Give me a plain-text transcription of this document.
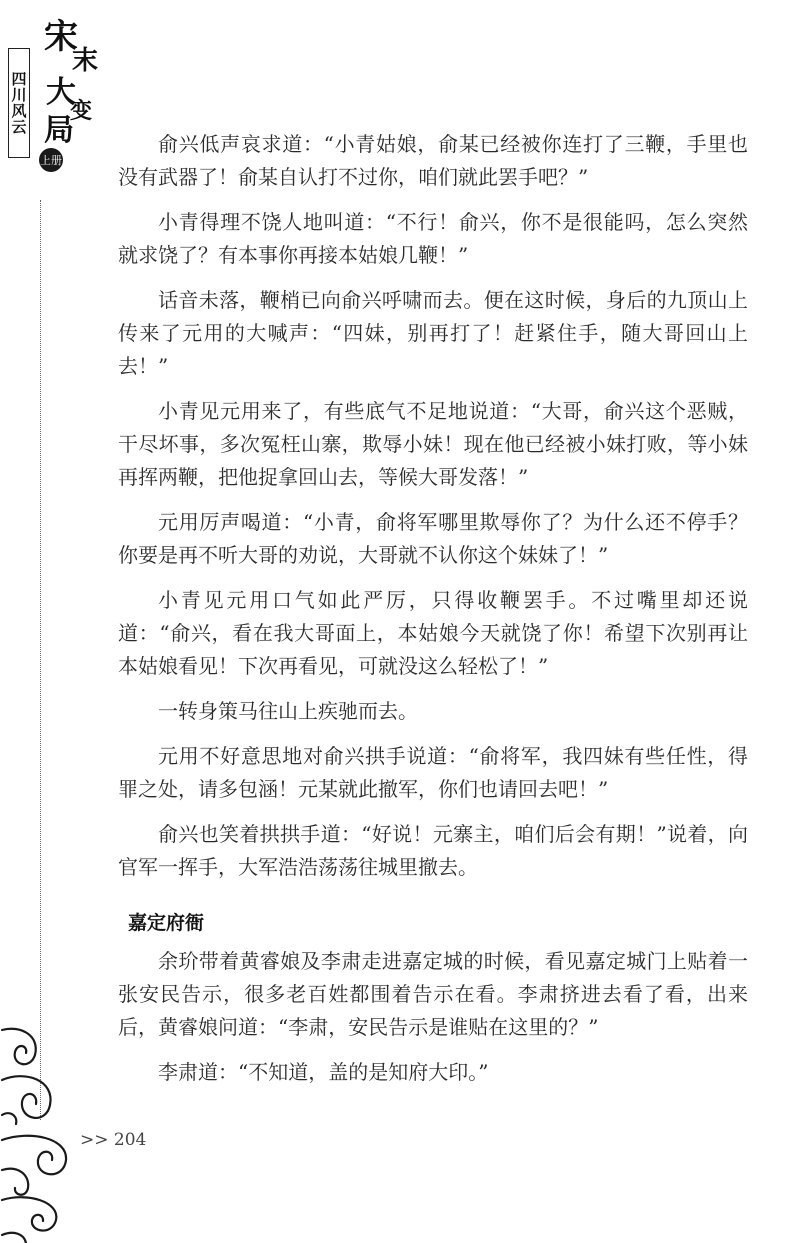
四川风云
宋
末
大
变
局
上册

俞兴低声哀求道：“小青姑娘，俞某已经被你连打了三鞭，手里也没有武器了！俞某自认打不过你，咱们就此罢手吧？”

小青得理不饶人地叫道：“不行！俞兴，你不是很能吗，怎么突然就求饶了？有本事你再接本姑娘几鞭！”

话音未落，鞭梢已向俞兴呼啸而去。便在这时候，身后的九顶山上传来了元用的大喊声：“四妹，别再打了！赶紧住手，随大哥回山上去！”

小青见元用来了，有些底气不足地说道：“大哥，俞兴这个恶贼，干尽坏事，多次冤枉山寨，欺辱小妹！现在他已经被小妹打败，等小妹再挥两鞭，把他捉拿回山去，等候大哥发落！”

元用厉声喝道：“小青，俞将军哪里欺辱你了？为什么还不停手？你要是再不听大哥的劝说，大哥就不认你这个妹妹了！”

小青见元用口气如此严厉，只得收鞭罢手。不过嘴里却还说道：“俞兴，看在我大哥面上，本姑娘今天就饶了你！希望下次别再让本姑娘看见！下次再看见，可就没这么轻松了！”

一转身策马往山上疾驰而去。

元用不好意思地对俞兴拱手说道：“俞将军，我四妹有些任性，得罪之处，请多包涵！元某就此撤军，你们也请回去吧！”

俞兴也笑着拱拱手道：“好说！元寨主，咱们后会有期！”说着，向官军一挥手，大军浩浩荡荡往城里撤去。

嘉定府衙

余玠带着黄睿娘及李肃走进嘉定城的时候，看见嘉定城门上贴着一张安民告示，很多老百姓都围着告示在看。李肃挤进去看了看，出来后，黄睿娘问道：“李肃，安民告示是谁贴在这里的？”

李肃道：“不知道，盖的是知府大印。”

>> 204
